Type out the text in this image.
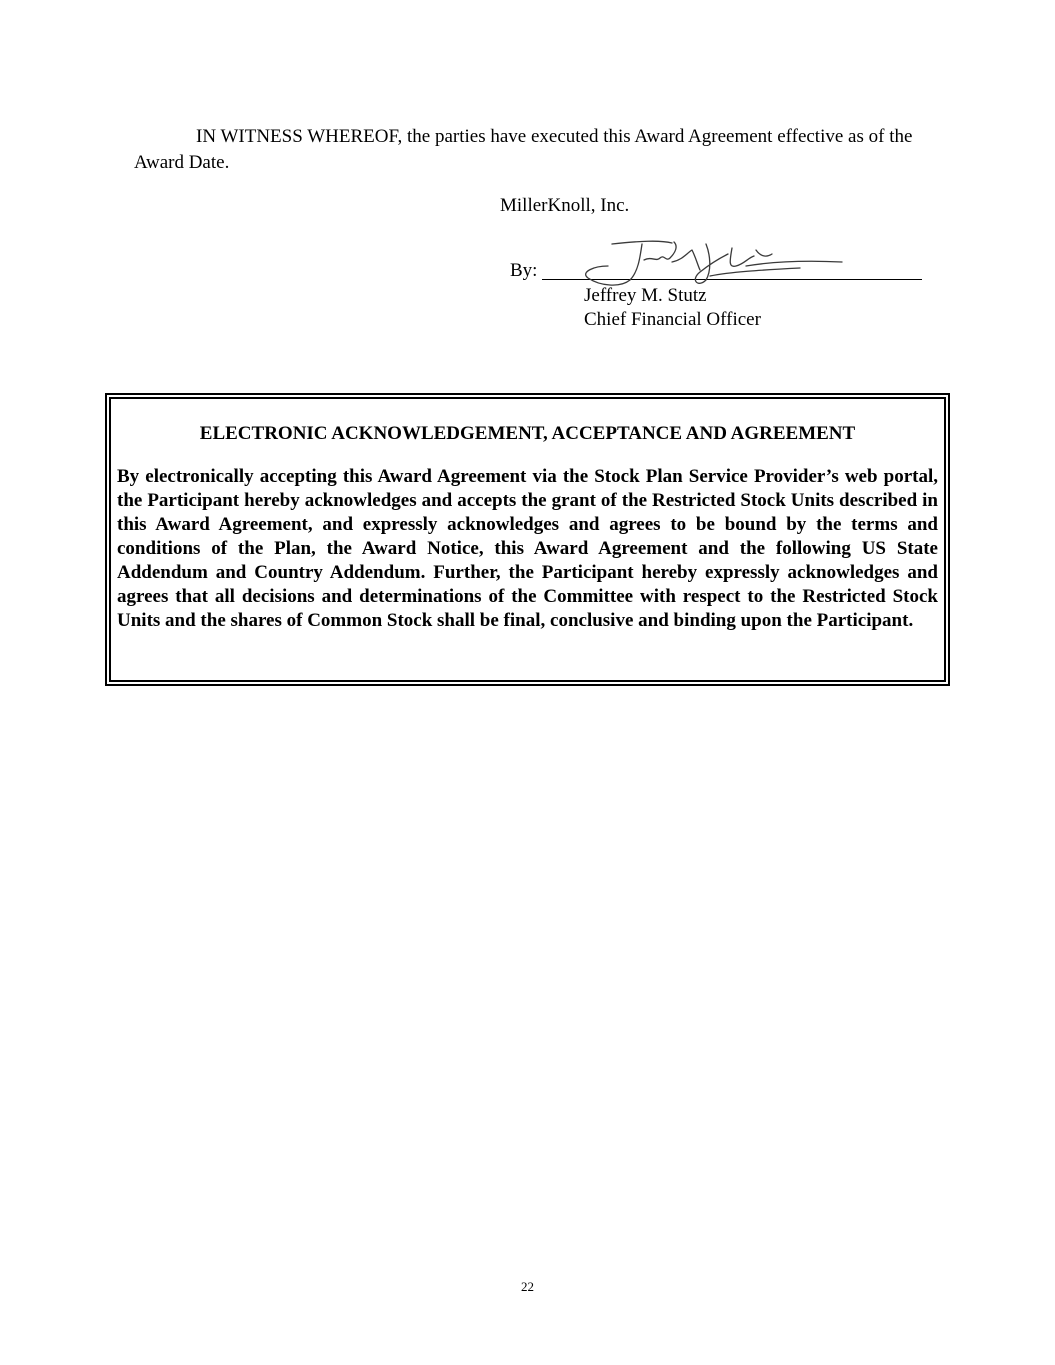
IN WITNESS WHEREOF, the parties have executed this Award Agreement effective as of the Award Date.

MillerKnoll, Inc.

By:

Jeffrey M. Stutz

Chief Financial Officer

ELECTRONIC ACKNOWLEDGEMENT, ACCEPTANCE AND AGREEMENT

By electronically accepting this Award Agreement via the Stock Plan Service Provider’s web portal, the Participant hereby acknowledges and accepts the grant of the Restricted Stock Units described in this Award Agreement, and expressly acknowledges and agrees to be bound by the terms and conditions of the Plan, the Award Notice, this Award Agreement and the following US State Addendum and Country Addendum. Further, the Participant hereby expressly acknowledges and agrees that all decisions and determinations of the Committee with respect to the Restricted Stock Units and the shares of Common Stock shall be final, conclusive and binding upon the Participant.

22
